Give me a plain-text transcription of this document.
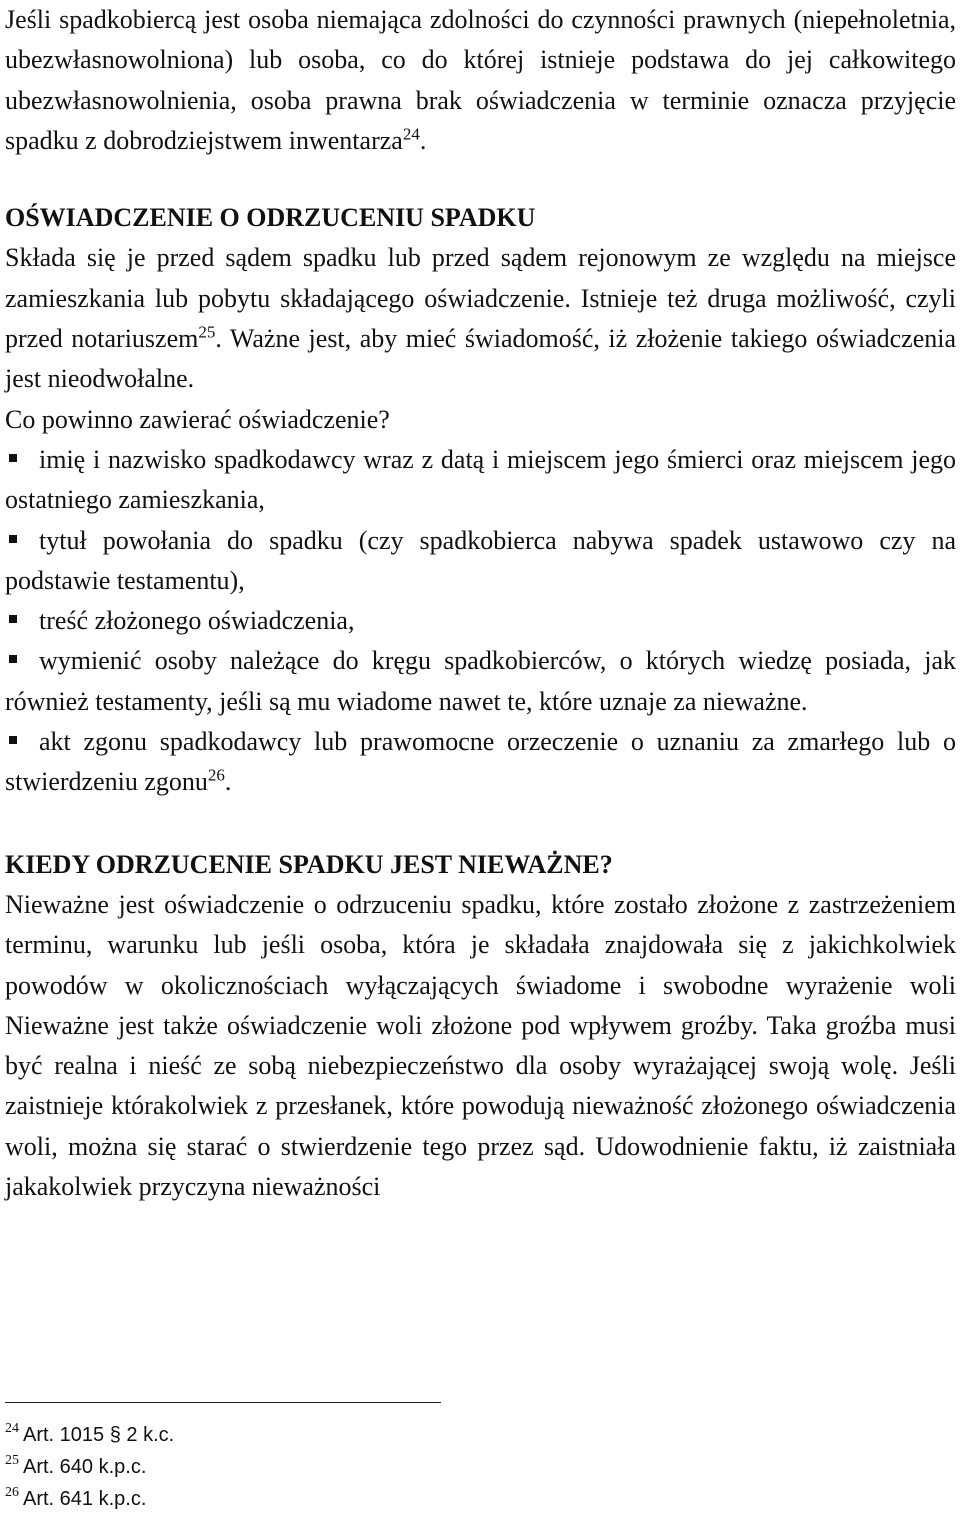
Jeśli spadkobiercą jest osoba niemająca zdolności do czynności prawnych (niepełnoletnia, ubezwłasnowolniona) lub osoba, co do której istnieje podstawa do jej całkowitego ubezwłasnowolnienia, osoba prawna brak oświadczenia w terminie oznacza przyjęcie spadku z dobrodziejstwem inwentarza$^{24}$.

OŚWIADCZENIE O ODRZUCENIU SPADKU

Składa się je przed sądem spadku lub przed sądem rejonowym ze względu na miejsce zamieszkania lub pobytu składającego oświadczenie. Istnieje też druga możliwość, czyli przed notariuszem$^{25}$. Ważne jest, aby mieć świadomość, iż złożenie takiego oświadczenia jest nieodwołalne.

Co powinno zawierać oświadczenie?

imię i nazwisko spadkodawcy wraz z datą i miejscem jego śmierci oraz miejscem jego ostatniego zamieszkania,

tytuł powołania do spadku (czy spadkobierca nabywa spadek ustawowo czy na podstawie testamentu),

treść złożonego oświadczenia,

wymienić osoby należące do kręgu spadkobierców, o których wiedzę posiada, jak również testamenty, jeśli są mu wiadome nawet te, które uznaje za nieważne.

akt zgonu spadkodawcy lub prawomocne orzeczenie o uznaniu za zmarłego lub o stwierdzeniu zgonu$^{26}$.

KIEDY ODRZUCENIE SPADKU JEST NIEWAŻNE?

Nieważne jest oświadczenie o odrzuceniu spadku, które zostało złożone z zastrzeżeniem terminu, warunku lub jeśli osoba, która je składała znajdowała się z jakichkolwiek powodów w okolicznościach wyłączających świadome i swobodne wyrażenie woli Nieważne jest także oświadczenie woli złożone pod wpływem groźby. Taka groźba musi być realna i nieść ze sobą niebezpieczeństwo dla osoby wyrażającej swoją wolę. Jeśli zaistnieje którakolwiek z przesłanek, które powodują nieważność złożonego oświadczenia woli, można się starać o stwierdzenie tego przez sąd. Udowodnienie faktu, iż zaistniała jakakolwiek przyczyna nieważności

$^{24}$ Art. 1015 § 2 k.c.

$^{25}$ Art. 640 k.p.c.

$^{26}$ Art. 641 k.p.c.
